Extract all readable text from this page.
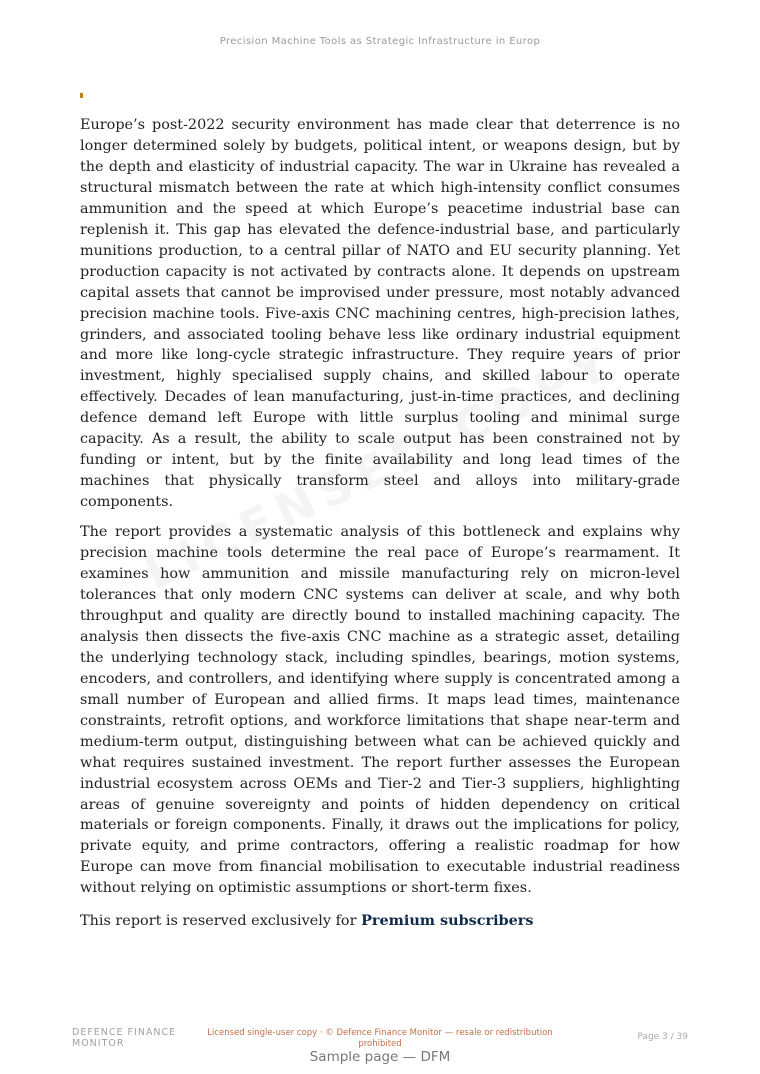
Precision Machine Tools as Strategic Infrastructure in Europ

Europe’s post-2022 security environment has made clear that deterrence is no longer determined solely by budgets, political intent, or weapons design, but by the depth and elasticity of industrial capacity. The war in Ukraine has revealed a structural mismatch between the rate at which high-intensity conflict consumes ammunition and the speed at which Europe’s peacetime industrial base can replenish it. This gap has elevated the defence-industrial base, and particularly munitions production, to a central pillar of NATO and EU security planning. Yet production capacity is not activated by contracts alone. It depends on upstream capital assets that cannot be improvised under pressure, most notably advanced precision machine tools. Five-axis CNC machining centres, high-precision lathes, grinders, and associated tooling behave less like ordinary industrial equipment and more like long-cycle strategic infrastructure. They require years of prior investment, highly specialised supply chains, and skilled labour to operate effectively. Decades of lean manufacturing, just-in-time practices, and declining defence demand left Europe with little surplus tooling and minimal surge capacity. As a result, the ability to scale output has been constrained not by funding or intent, but by the finite availability and long lead times of the machines that physically transform steel and alloys into military-grade components.

The report provides a systematic analysis of this bottleneck and explains why precision machine tools determine the real pace of Europe’s rearmament. It examines how ammunition and missile manufacturing rely on micron-level tolerances that only modern CNC systems can deliver at scale, and why both throughput and quality are directly bound to installed machining capacity. The analysis then dissects the five-axis CNC machine as a strategic asset, detailing the underlying technology stack, including spindles, bearings, motion systems, encoders, and controllers, and identifying where supply is concentrated among a small number of European and allied firms. It maps lead times, maintenance constraints, retrofit options, and workforce limitations that shape near-term and medium-term output, distinguishing between what can be achieved quickly and what requires sustained investment. The report further assesses the European industrial ecosystem across OEMs and Tier-2 and Tier-3 suppliers, highlighting areas of genuine sovereignty and points of hidden dependency on critical materials or foreign components. Finally, it draws out the implications for policy, private equity, and prime contractors, offering a realistic roadmap for how Europe can move from financial mobilisation to executable industrial readiness without relying on optimistic assumptions or short-term fixes.

This report is reserved exclusively for Premium subscribers

DEFENCE FINANCE MONITOR
Licensed single-user copy · © Defence Finance Monitor — resale or redistribution prohibited
Page 3 / 39
Sample page — DFM
